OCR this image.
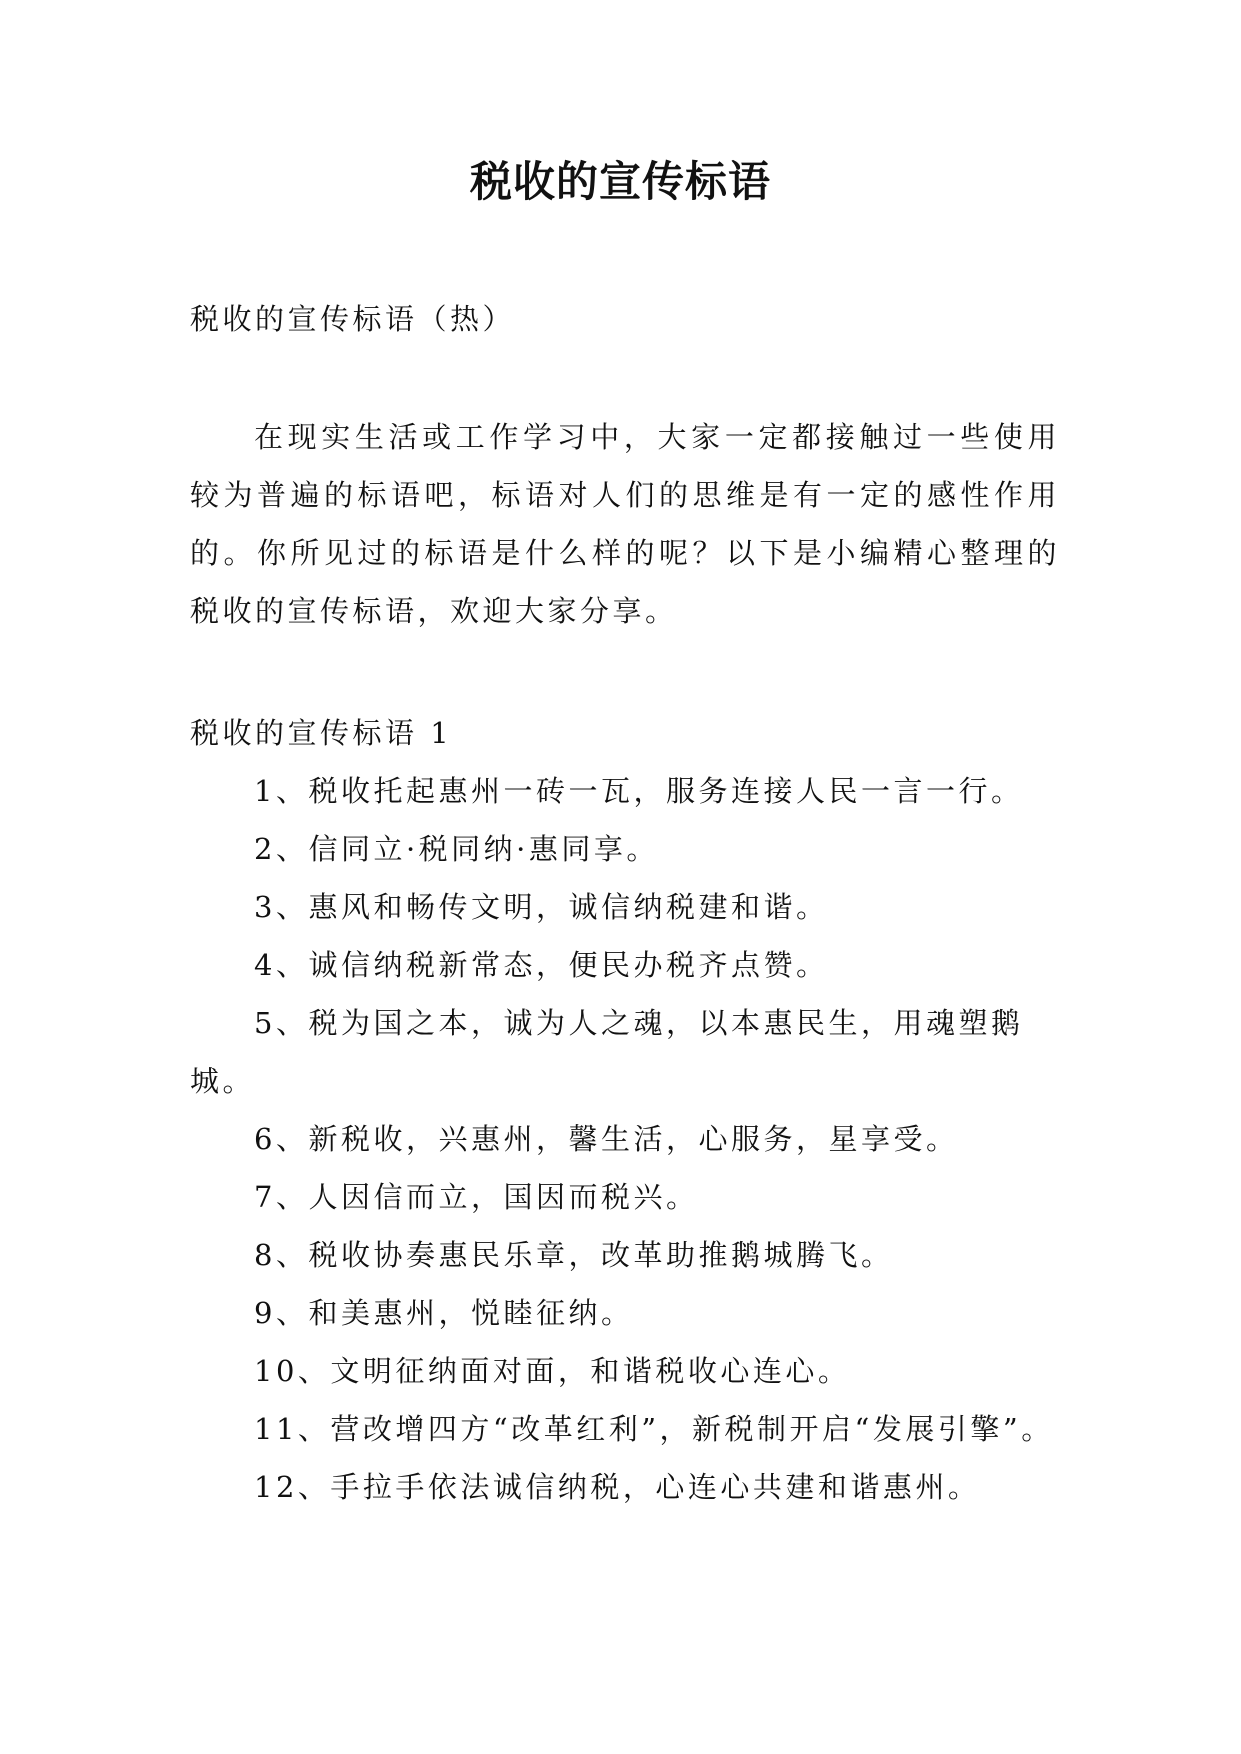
税收的宣传标语

税收的宣传标语（热）

在现实生活或工作学习中，大家一定都接触过一些使用较为普遍的标语吧，标语对人们的思维是有一定的感性作用的。你所见过的标语是什么样的呢？以下是小编精心整理的税收的宣传标语，欢迎大家分享。

税收的宣传标语 1

1、税收托起惠州一砖一瓦，服务连接人民一言一行。
2、信同立·税同纳·惠同享。
3、惠风和畅传文明，诚信纳税建和谐。
4、诚信纳税新常态，便民办税齐点赞。
5、税为国之本，诚为人之魂，以本惠民生，用魂塑鹅城。
6、新税收，兴惠州，馨生活，心服务，星享受。
7、人因信而立，国因而税兴。
8、税收协奏惠民乐章，改革助推鹅城腾飞。
9、和美惠州，悦睦征纳。
10、文明征纳面对面，和谐税收心连心。
11、营改增四方“改革红利”，新税制开启“发展引擎”。
12、手拉手依法诚信纳税，心连心共建和谐惠州。
